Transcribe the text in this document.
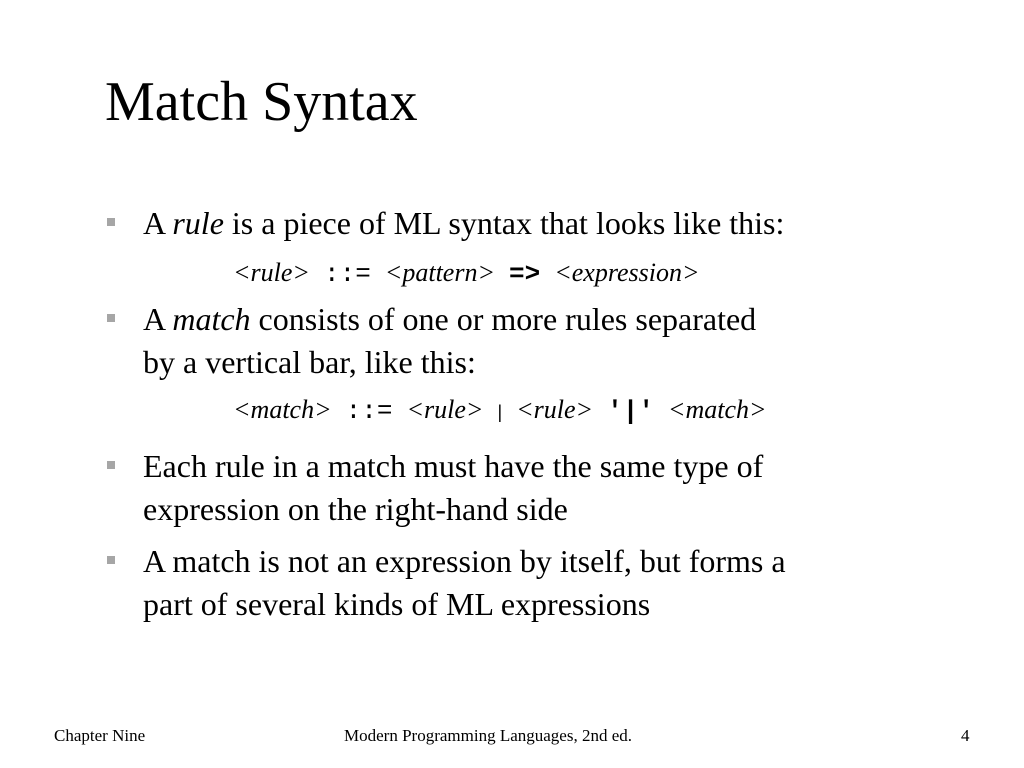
Match Syntax
A rule is a piece of ML syntax that looks like this:
<rule> ::= <pattern> => <expression>
A match consists of one or more rules separated
by a vertical bar, like this:
<match> ::= <rule> | <rule> '|' <match>
Each rule in a match must have the same type of
expression on the right-hand side
A match is not an expression by itself, but forms a
part of several kinds of ML expressions
Chapter Nine	Modern Programming Languages, 2nd ed.	4
